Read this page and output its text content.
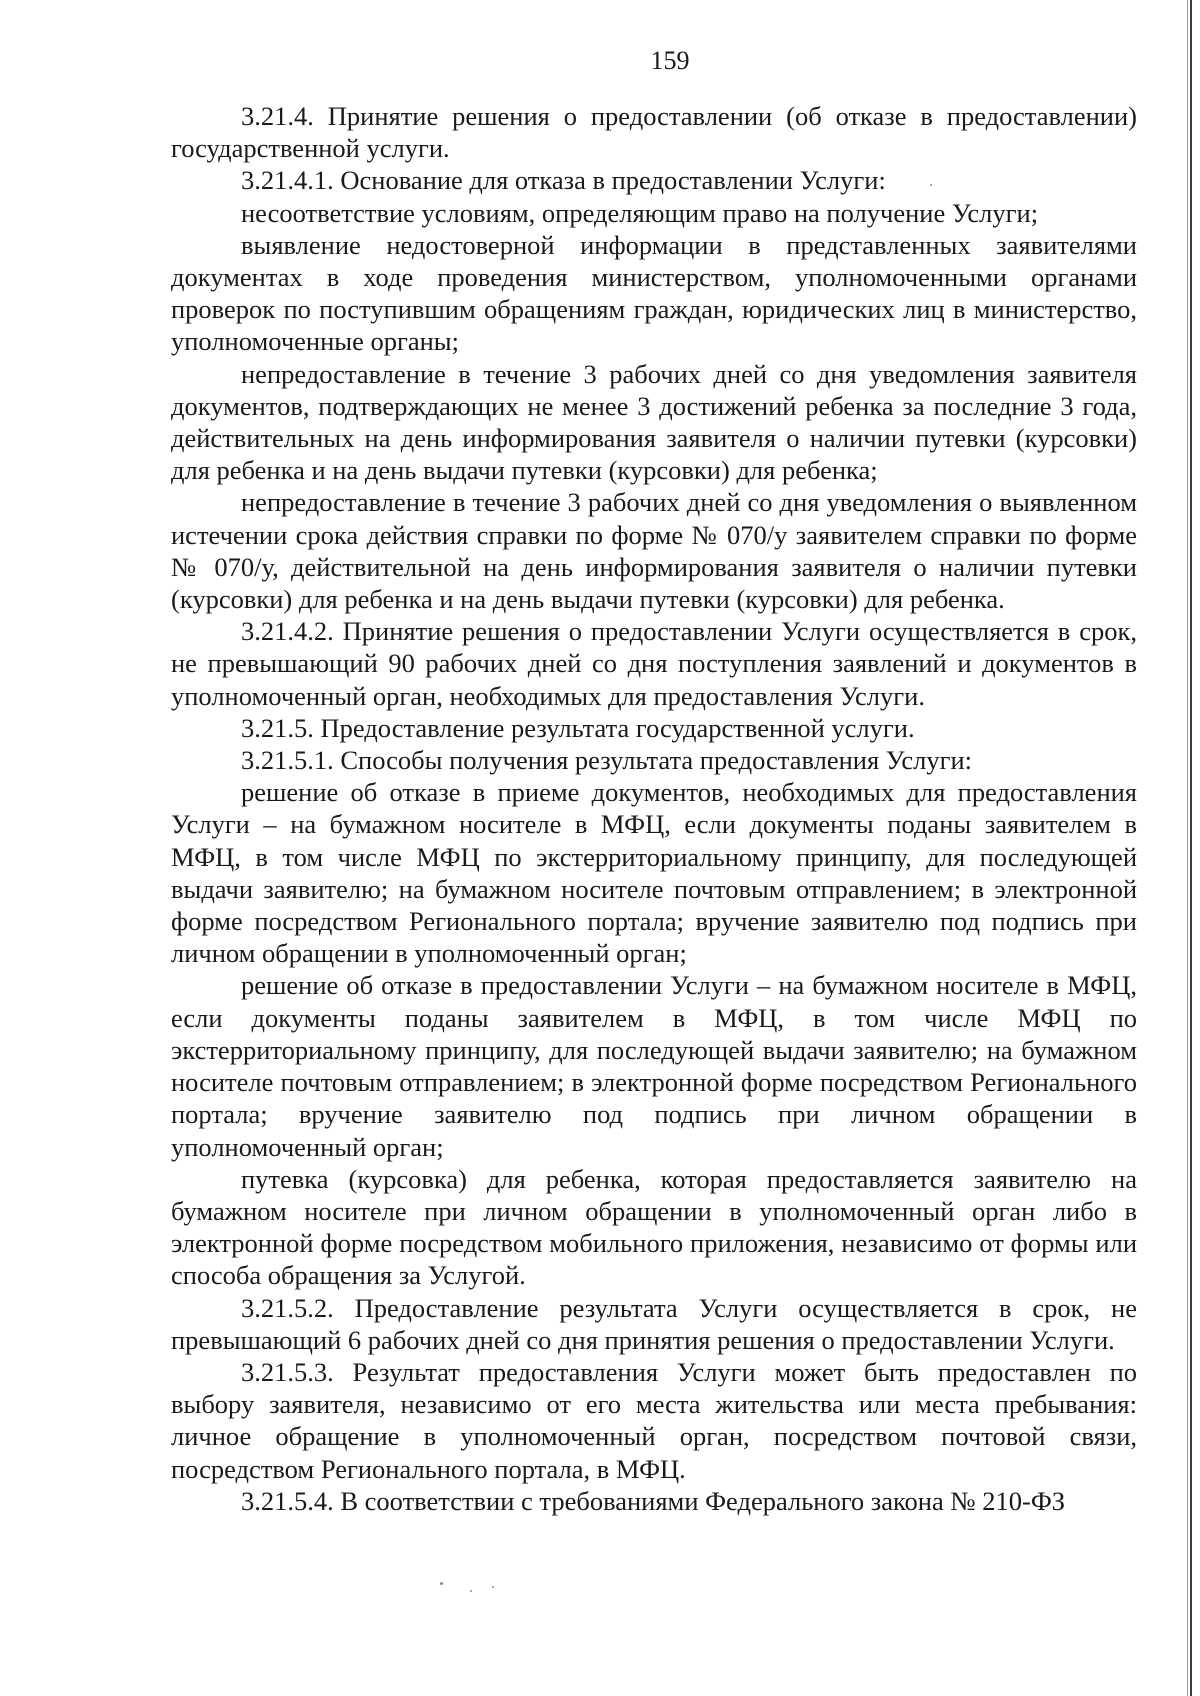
159

3.21.4. Принятие решения о предоставлении (об отказе в предоставлении) государственной услуги.

3.21.4.1. Основание для отказа в предоставлении Услуги:

несоответствие условиям, определяющим право на получение Услуги;

выявление недостоверной информации в представленных заявителями документах в ходе проведения министерством, уполномоченными органами проверок по поступившим обращениям граждан, юридических лиц в министерство, уполномоченные органы;

непредоставление в течение 3 рабочих дней со дня уведомления заявителя документов, подтверждающих не менее 3 достижений ребенка за последние 3 года, действительных на день информирования заявителя о наличии путевки (курсовки) для ребенка и на день выдачи путевки (курсовки) для ребенка;

непредоставление в течение 3 рабочих дней со дня уведомления о выявленном истечении срока действия справки по форме № 070/у заявителем справки по форме № 070/у, действительной на день информирования заявителя о наличии путевки (курсовки) для ребенка и на день выдачи путевки (курсовки) для ребенка.

3.21.4.2. Принятие решения о предоставлении Услуги осуществляется в срок, не превышающий 90 рабочих дней со дня поступления заявлений и документов в уполномоченный орган, необходимых для предоставления Услуги.

3.21.5. Предоставление результата государственной услуги.

3.21.5.1. Способы получения результата предоставления Услуги:

решение об отказе в приеме документов, необходимых для предоставления Услуги – на бумажном носителе в МФЦ, если документы поданы заявителем в МФЦ, в том числе МФЦ по экстерриториальному принципу, для последующей выдачи заявителю; на бумажном носителе почтовым отправлением; в электронной форме посредством Регионального портала; вручение заявителю под подпись при личном обращении в уполномоченный орган;

решение об отказе в предоставлении Услуги – на бумажном носителе в МФЦ, если документы поданы заявителем в МФЦ, в том числе МФЦ по экстерриториальному принципу, для последующей выдачи заявителю; на бумажном носителе почтовым отправлением; в электронной форме посредством Регионального портала; вручение заявителю под подпись при личном обращении в уполномоченный орган;

путевка (курсовка) для ребенка, которая предоставляется заявителю на бумажном носителе при личном обращении в уполномоченный орган либо в электронной форме посредством мобильного приложения, независимо от формы или способа обращения за Услугой.

3.21.5.2. Предоставление результата Услуги осуществляется в срок, не превышающий 6 рабочих дней со дня принятия решения о предоставлении Услуги.

3.21.5.3. Результат предоставления Услуги может быть предоставлен по выбору заявителя, независимо от его места жительства или места пребывания: личное обращение в уполномоченный орган, посредством почтовой связи, посредством Регионального портала, в МФЦ.

3.21.5.4. В соответствии с требованиями Федерального закона № 210-ФЗ
